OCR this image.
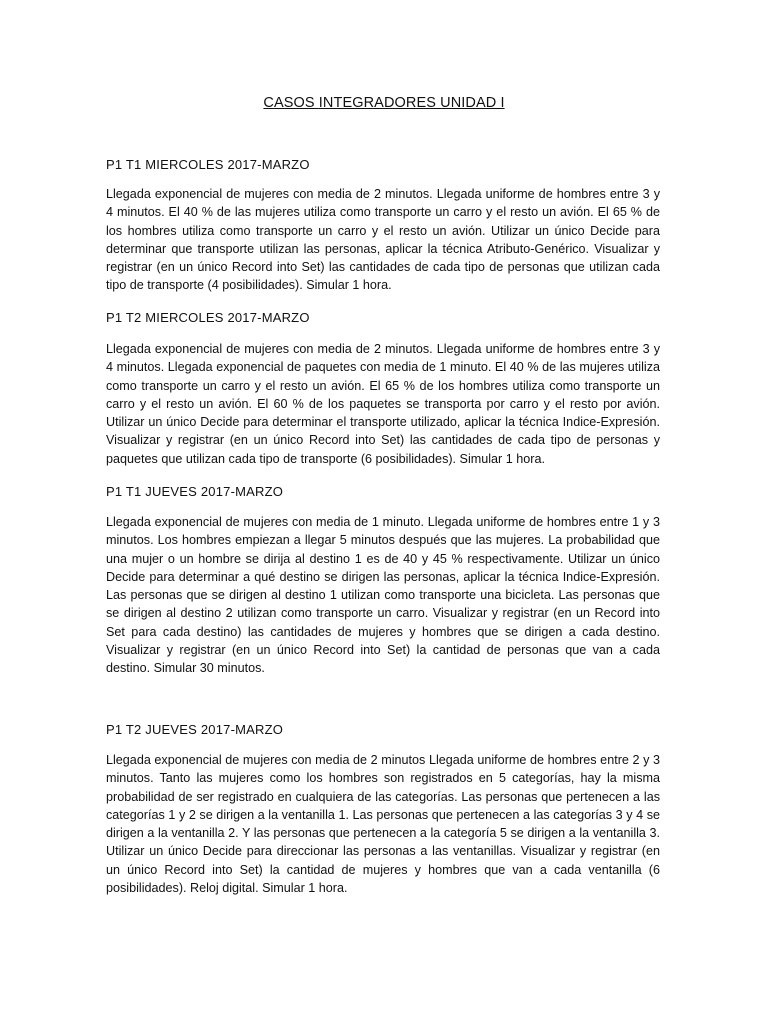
CASOS INTEGRADORES UNIDAD I
P1 T1 MIERCOLES 2017-MARZO

Llegada exponencial de mujeres con media de 2 minutos. Llegada uniforme de hombres entre 3 y 4 minutos. El 40 % de las mujeres utiliza como transporte un carro y el resto un avión. El 65 % de los hombres utiliza como transporte un carro y el resto un avión. Utilizar un único Decide para determinar que transporte utilizan las personas, aplicar la técnica Atributo-Genérico. Visualizar y registrar (en un único Record into Set) las cantidades de cada tipo de personas que utilizan cada tipo de transporte (4 posibilidades). Simular 1 hora.

P1 T2 MIERCOLES 2017-MARZO

Llegada exponencial de mujeres con media de 2 minutos. Llegada uniforme de hombres entre 3 y 4 minutos. Llegada exponencial de paquetes con media de 1 minuto. El 40 % de las mujeres utiliza como transporte un carro y el resto un avión. El 65 % de los hombres utiliza como transporte un carro y el resto un avión. El 60 % de los paquetes se transporta por carro y el resto por avión. Utilizar un único Decide para determinar el transporte utilizado, aplicar la técnica Indice-Expresión. Visualizar y registrar (en un único Record into Set) las cantidades de cada tipo de personas y paquetes que utilizan cada tipo de transporte (6 posibilidades). Simular 1 hora.

P1 T1 JUEVES 2017-MARZO

Llegada exponencial de mujeres con media de 1 minuto. Llegada uniforme de hombres entre 1 y 3 minutos. Los hombres empiezan a llegar 5 minutos después que las mujeres. La probabilidad que una mujer o un hombre se dirija al destino 1 es de 40 y 45 % respectivamente. Utilizar un único Decide para determinar a qué destino se dirigen las personas, aplicar la técnica Indice-Expresión. Las personas que se dirigen al destino 1 utilizan como transporte una bicicleta. Las personas que se dirigen al destino 2 utilizan como transporte un carro. Visualizar y registrar (en un Record into Set para cada destino) las cantidades de mujeres y hombres que se dirigen a cada destino. Visualizar y registrar (en un único Record into Set) la cantidad de personas que van a cada destino. Simular 30 minutos.

P1 T2 JUEVES 2017-MARZO

Llegada exponencial de mujeres con media de 2 minutos Llegada uniforme de hombres entre 2 y 3 minutos. Tanto las mujeres como los hombres son registrados en 5 categorías, hay la misma probabilidad de ser registrado en cualquiera de las categorías. Las personas que pertenecen a las categorías 1 y 2 se dirigen a la ventanilla 1. Las personas que pertenecen a las categorías 3 y 4 se dirigen a la ventanilla 2. Y las personas que pertenecen a la categoría 5 se dirigen a la ventanilla 3. Utilizar un único Decide para direccionar las personas a las ventanillas. Visualizar y registrar (en un único Record into Set) la cantidad de mujeres y hombres que van a cada ventanilla (6 posibilidades). Reloj digital. Simular 1 hora.
